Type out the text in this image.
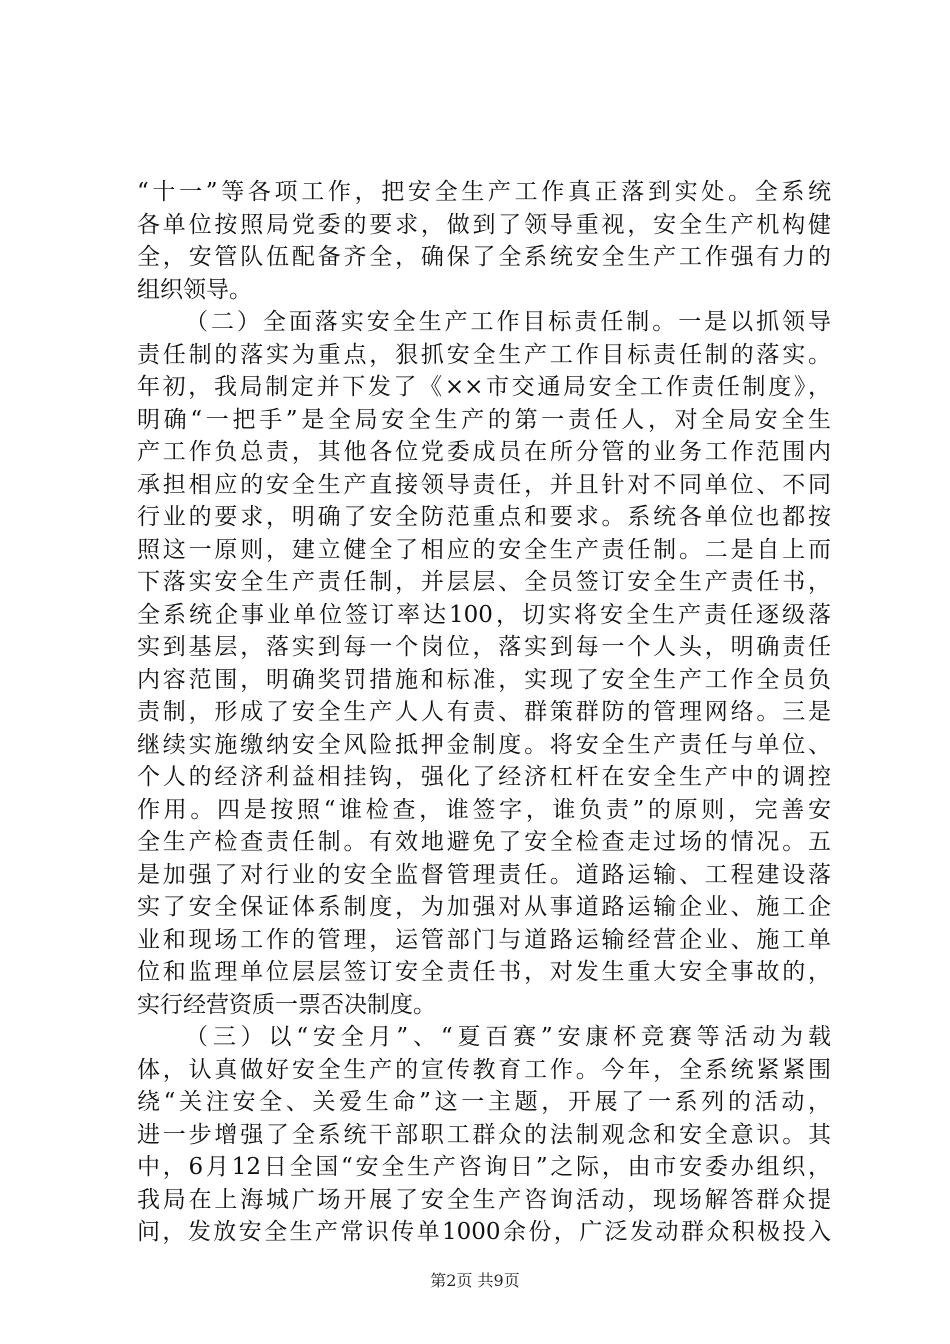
“十一”等各项工作，把安全生产工作真正落到实处。全系统
各单位按照局党委的要求，做到了领导重视，安全生产机构健
全，安管队伍配备齐全，确保了全系统安全生产工作强有力的
组织领导。
（二）全面落实安全生产工作目标责任制。一是以抓领导
责任制的落实为重点，狠抓安全生产工作目标责任制的落实。
年初，我局制定并下发了《××市交通局安全工作责任制度》，
明确“一把手”是全局安全生产的第一责任人，对全局安全生
产工作负总责，其他各位党委成员在所分管的业务工作范围内
承担相应的安全生产直接领导责任，并且针对不同单位、不同
行业的要求，明确了安全防范重点和要求。系统各单位也都按
照这一原则，建立健全了相应的安全生产责任制。二是自上而
下落实安全生产责任制，并层层、全员签订安全生产责任书，
全系统企事业单位签订率达100，切实将安全生产责任逐级落
实到基层，落实到每一个岗位，落实到每一个人头，明确责任
内容范围，明确奖罚措施和标准，实现了安全生产工作全员负
责制，形成了安全生产人人有责、群策群防的管理网络。三是
继续实施缴纳安全风险抵押金制度。将安全生产责任与单位、
个人的经济利益相挂钩，强化了经济杠杆在安全生产中的调控
作用。四是按照“谁检查，谁签字，谁负责”的原则，完善安
全生产检查责任制。有效地避免了安全检查走过场的情况。五
是加强了对行业的安全监督管理责任。道路运输、工程建设落
实了安全保证体系制度，为加强对从事道路运输企业、施工企
业和现场工作的管理，运管部门与道路运输经营企业、施工单
位和监理单位层层签订安全责任书，对发生重大安全事故的，
实行经营资质一票否决制度。
（三）以“安全月”、“夏百赛”安康杯竞赛等活动为载
体，认真做好安全生产的宣传教育工作。今年，全系统紧紧围
绕“关注安全、关爱生命”这一主题，开展了一系列的活动，
进一步增强了全系统干部职工群众的法制观念和安全意识。其
中，6月12日全国“安全生产咨询日”之际，由市安委办组织，
我局在上海城广场开展了安全生产咨询活动，现场解答群众提
问，发放安全生产常识传单1000余份，广泛发动群众积极投入
第2页 共9页
